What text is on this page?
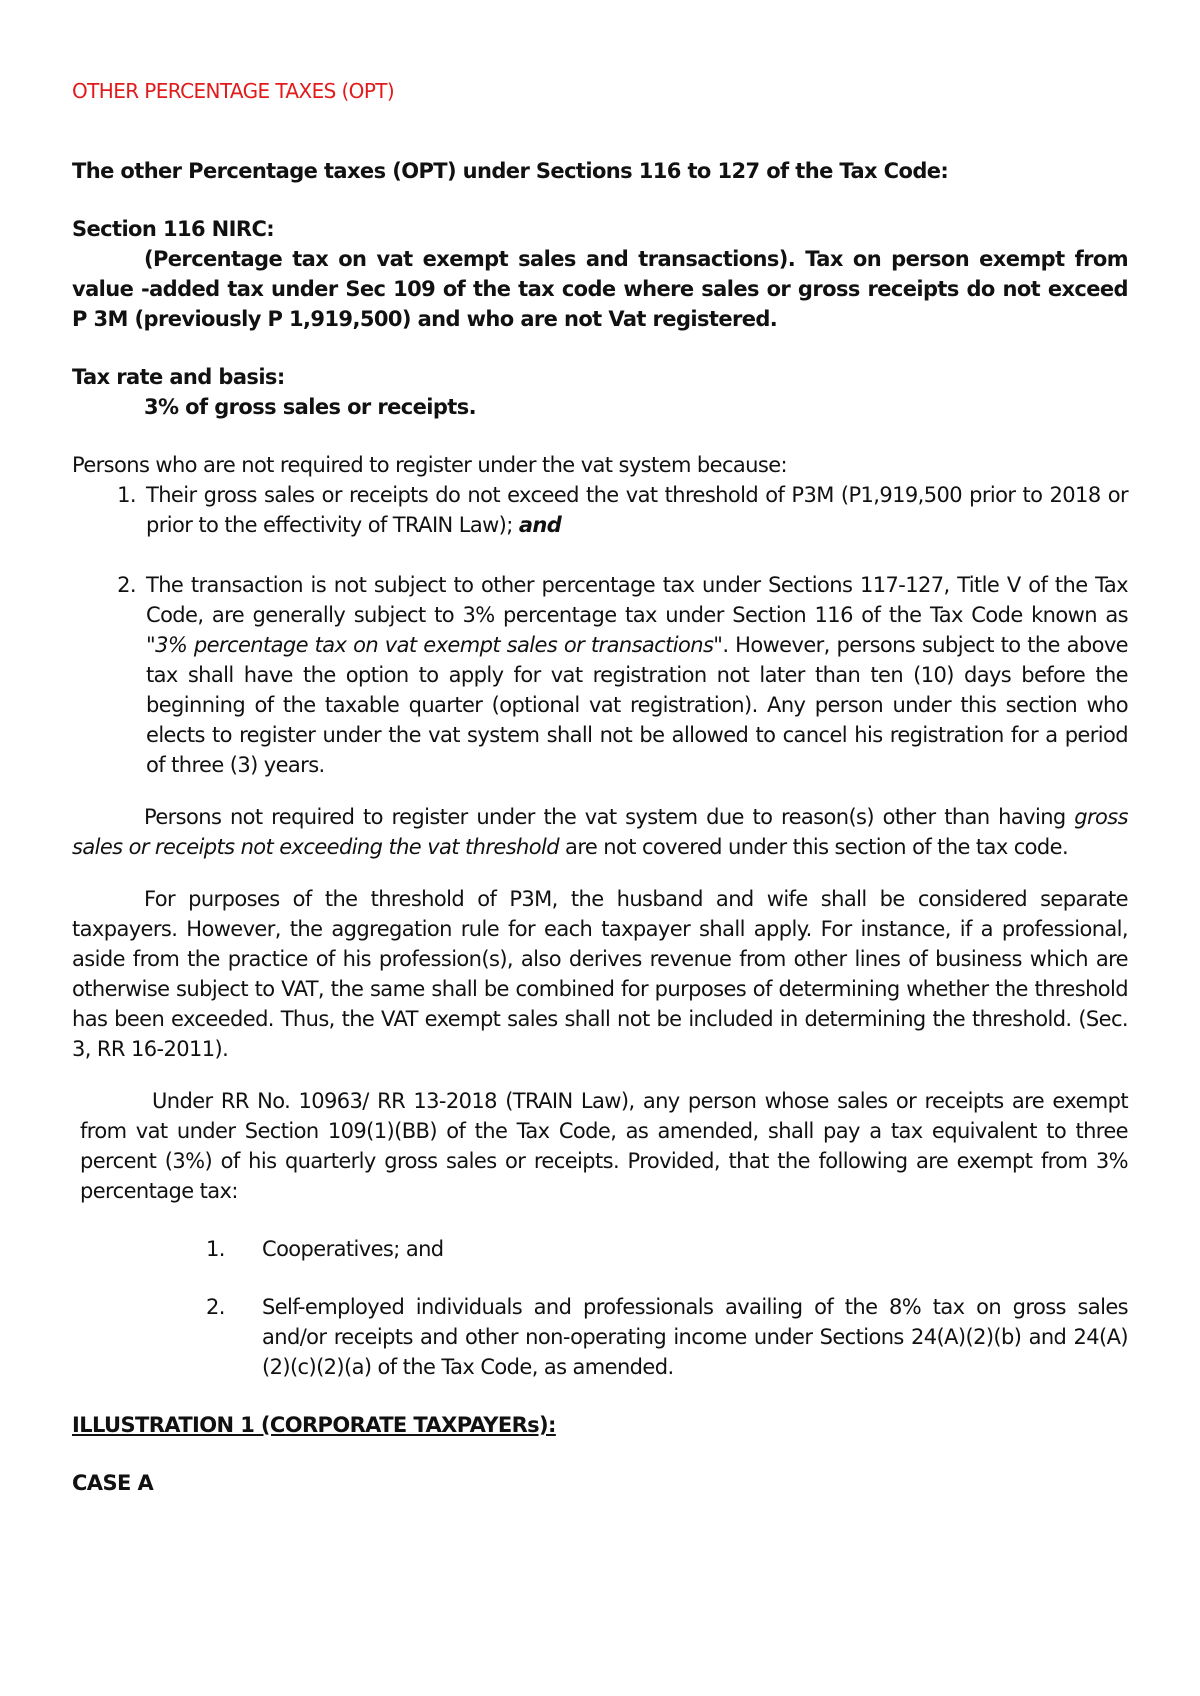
OTHER PERCENTAGE TAXES (OPT)

The other Percentage taxes (OPT) under Sections 116 to 127 of the Tax Code:

Section 116 NIRC:

(Percentage tax on vat exempt sales and transactions). Tax on person exempt from value -added tax under Sec 109 of the tax code where sales or gross receipts do not exceed P 3M (previously P 1,919,500) and who are not Vat registered.

Tax rate and basis:

3% of gross sales or receipts.

Persons who are not required to register under the vat system because:

1. Their gross sales or receipts do not exceed the vat threshold of P3M (P1,919,500 prior to 2018 or prior to the effectivity of TRAIN Law); and
2. The transaction is not subject to other percentage tax under Sections 117-127, Title V of the Tax Code, are generally subject to 3% percentage tax under Section 116 of the Tax Code known as "3% percentage tax on vat exempt sales or transactions". However, persons subject to the above tax shall have the option to apply for vat registration not later than ten (10) days before the beginning of the taxable quarter (optional vat registration). Any person under this section who elects to register under the vat system shall not be allowed to cancel his registration for a period of three (3) years.

Persons not required to register under the vat system due to reason(s) other than having gross sales or receipts not exceeding the vat threshold are not covered under this section of the tax code.

For purposes of the threshold of P3M, the husband and wife shall be considered separate taxpayers. However, the aggregation rule for each taxpayer shall apply. For instance, if a professional, aside from the practice of his profession(s), also derives revenue from other lines of business which are otherwise subject to VAT, the same shall be combined for purposes of determining whether the threshold has been exceeded. Thus, the VAT exempt sales shall not be included in determining the threshold. (Sec. 3, RR 16-2011).

Under RR No. 10963/ RR 13-2018 (TRAIN Law), any person whose sales or receipts are exempt from vat under Section 109(1)(BB) of the Tax Code, as amended, shall pay a tax equivalent to three percent (3%) of his quarterly gross sales or receipts. Provided, that the following are exempt from 3% percentage tax:

1.	Cooperatives; and
2.	Self-employed individuals and professionals availing of the 8% tax on gross sales and/or receipts and other non-operating income under Sections 24(A)(2)(b) and 24(A)(2)(c)(2)(a) of the Tax Code, as amended.

ILLUSTRATION 1 (CORPORATE TAXPAYERs):

CASE A
